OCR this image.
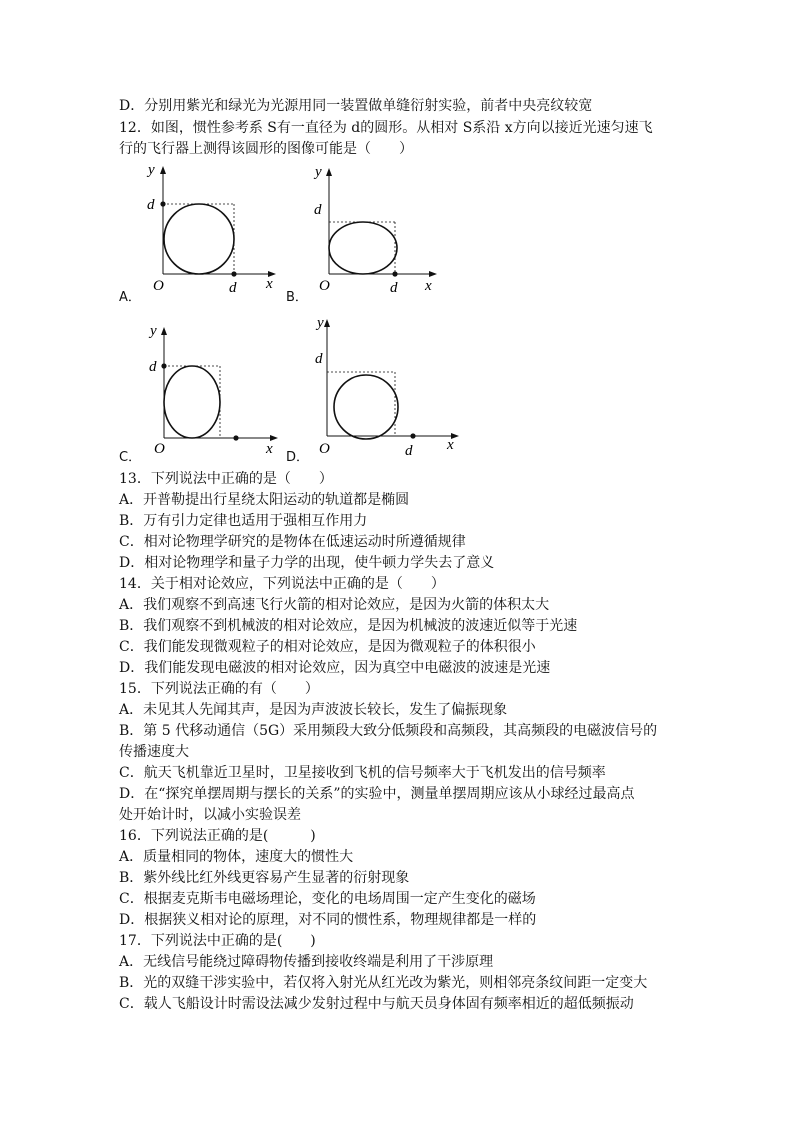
D．分别用紫光和绿光为光源用同一装置做单缝衍射实验，前者中央亮纹较宽
12．如图，惯性参考系 S有一直径为 d的圆形。从相对 S系沿 x方向以接近光速匀速飞
行的飞行器上测得该圆形的图像可能是（　　）
y
d
O	d x
A．
y
d
O	d x
B．
y
d
O	x
C．
y
d
O	d x
D．
13．下列说法中正确的是（　　）
A．开普勒提出行星绕太阳运动的轨道都是椭圆
B．万有引力定律也适用于强相互作用力
C．相对论物理学研究的是物体在低速运动时所遵循规律
D．相对论物理学和量子力学的出现，使牛顿力学失去了意义
14．关于相对论效应，下列说法中正确的是（　　）
A．我们观察不到高速飞行火箭的相对论效应，是因为火箭的体积太大
B．我们观察不到机械波的相对论效应，是因为机械波的波速近似等于光速
C．我们能发现微观粒子的相对论效应，是因为微观粒子的体积很小
D．我们能发现电磁波的相对论效应，因为真空中电磁波的波速是光速
15．下列说法正确的有（　　）
A．未见其人先闻其声，是因为声波波长较长，发生了偏振现象
B．第 5 代移动通信（5G）采用频段大致分低频段和高频段，其高频段的电磁波信号的
传播速度大
C．航天飞机靠近卫星时，卫星接收到飞机的信号频率大于飞机发出的信号频率
D．在“探究单摆周期与摆长的关系”的实验中，测量单摆周期应该从小球经过最高点
处开始计时，以减小实验误差
16．下列说法正确的是(　　　)
A．质量相同的物体，速度大的惯性大
B．紫外线比红外线更容易产生显著的衍射现象
C．根据麦克斯韦电磁场理论，变化的电场周围一定产生变化的磁场
D．根据狭义相对论的原理，对不同的惯性系，物理规律都是一样的
17．下列说法中正确的是(　　)
A．无线信号能绕过障碍物传播到接收终端是利用了干涉原理
B．光的双缝干涉实验中，若仅将入射光从红光改为紫光，则相邻亮条纹间距一定变大
C．载人飞船设计时需设法减少发射过程中与航天员身体固有频率相近的超低频振动
